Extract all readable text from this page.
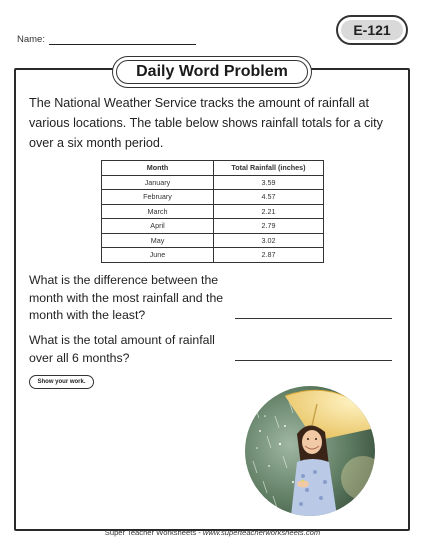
Name:
E-121
Daily Word Problem

The National Weather Service tracks the amount of rainfall at various locations. The table below shows rainfall totals for a city over a six month period.

Month	Total Rainfall (inches)
January	3.59
February	4.57
March	2.21
April	2.79
May	3.02
June	2.87

What is the difference between the month with the most rainfall and the month with the least?

What is the total amount of rainfall over all 6 months?

Show your work.
Super Teacher Worksheets - www.superteacherworksheets.com
